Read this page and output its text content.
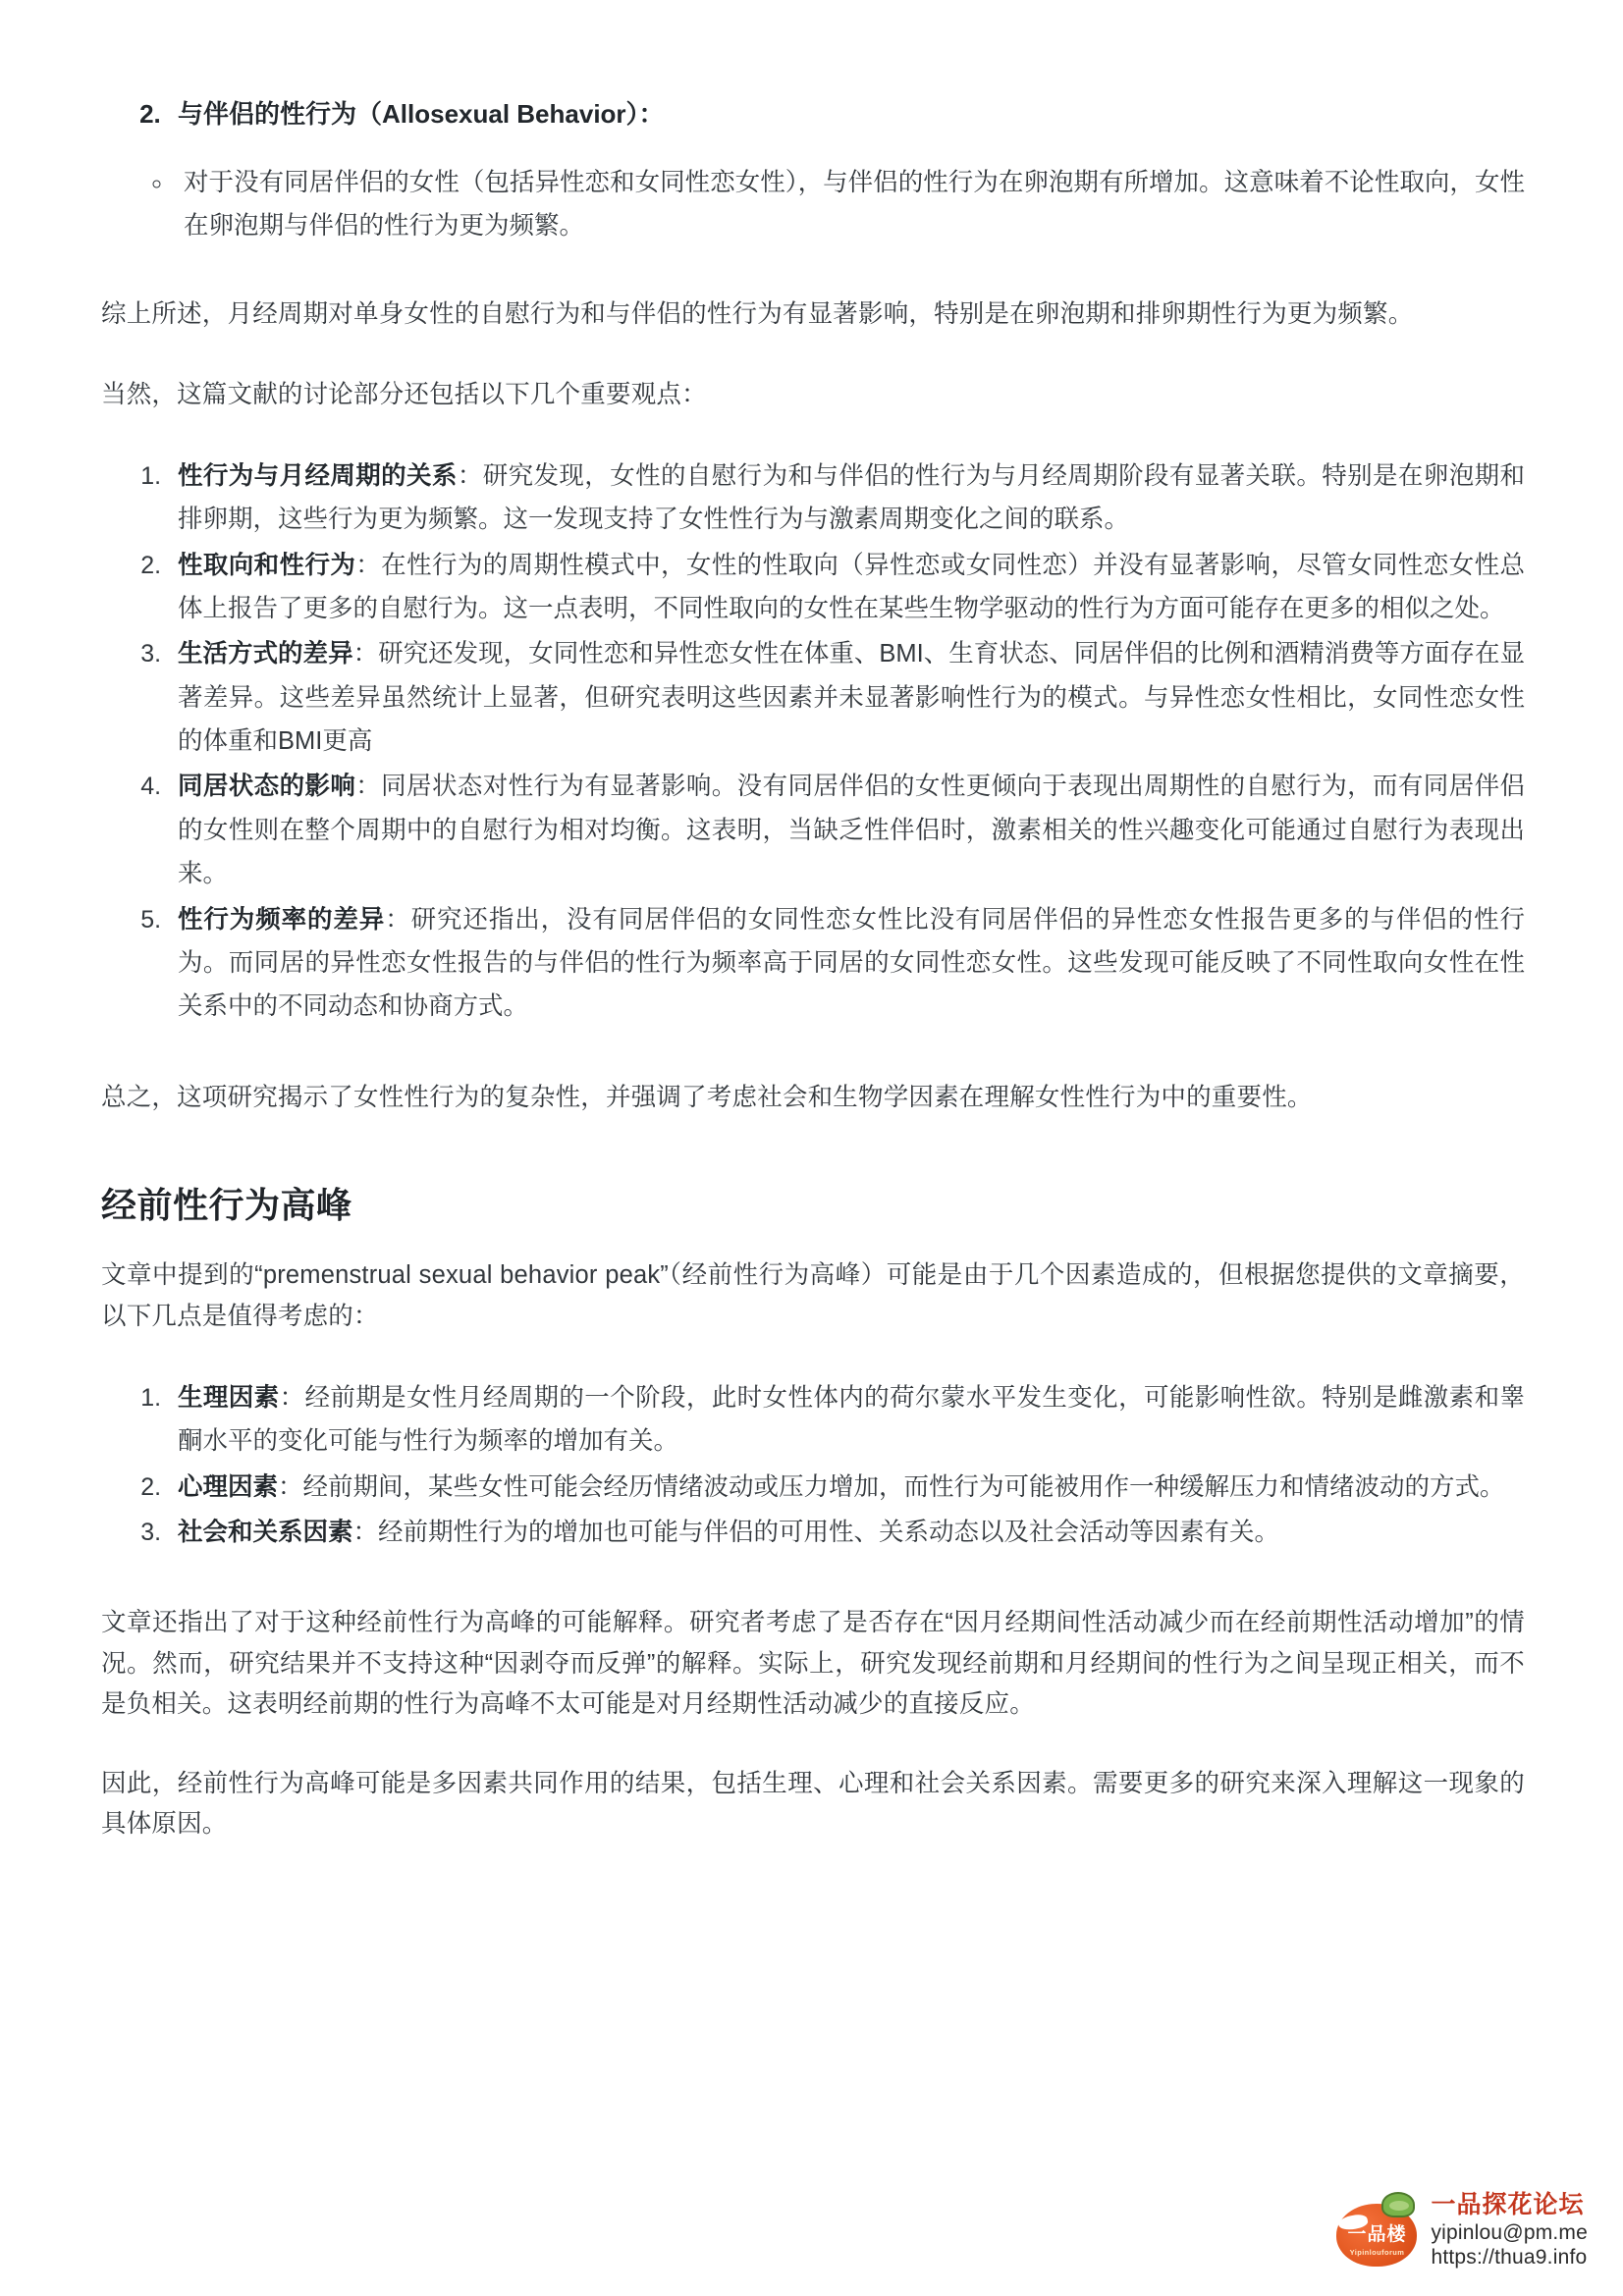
2. 与伴侣的性行为（Allosexual Behavior）：
◦ 对于没有同居伴侣的女性（包括异性恋和女同性恋女性），与伴侣的性行为在卵泡期有所增加。这意味着不论性取向，女性在卵泡期与伴侣的性行为更为频繁。

综上所述，月经周期对单身女性的自慰行为和与伴侣的性行为有显著影响，特别是在卵泡期和排卵期性行为更为频繁。

当然，这篇文献的讨论部分还包括以下几个重要观点：

1. 性行为与月经周期的关系：研究发现，女性的自慰行为和与伴侣的性行为与月经周期阶段有显著关联。特别是在卵泡期和排卵期，这些行为更为频繁。这一发现支持了女性性行为与激素周期变化之间的联系。
2. 性取向和性行为：在性行为的周期性模式中，女性的性取向（异性恋或女同性恋）并没有显著影响，尽管女同性恋女性总体上报告了更多的自慰行为。这一点表明，不同性取向的女性在某些生物学驱动的性行为方面可能存在更多的相似之处。
3. 生活方式的差异：研究还发现，女同性恋和异性恋女性在体重、BMI、生育状态、同居伴侣的比例和酒精消费等方面存在显著差异。这些差异虽然统计上显著，但研究表明这些因素并未显著影响性行为的模式。与异性恋女性相比，女同性恋女性的体重和BMI更高
4. 同居状态的影响：同居状态对性行为有显著影响。没有同居伴侣的女性更倾向于表现出周期性的自慰行为，而有同居伴侣的女性则在整个周期中的自慰行为相对均衡。这表明，当缺乏性伴侣时，激素相关的性兴趣变化可能通过自慰行为表现出来。
5. 性行为频率的差异：研究还指出，没有同居伴侣的女同性恋女性比没有同居伴侣的异性恋女性报告更多的与伴侣的性行为。而同居的异性恋女性报告的与伴侣的性行为频率高于同居的女同性恋女性。这些发现可能反映了不同性取向女性在性关系中的不同动态和协商方式。

总之，这项研究揭示了女性性行为的复杂性，并强调了考虑社会和生物学因素在理解女性性行为中的重要性。

经前性行为高峰

文章中提到的“premenstrual sexual behavior peak”（经前性行为高峰）可能是由于几个因素造成的，但根据您提供的文章摘要，以下几点是值得考虑的：

1. 生理因素：经前期是女性月经周期的一个阶段，此时女性体内的荷尔蒙水平发生变化，可能影响性欲。特别是雌激素和睾酮水平的变化可能与性行为频率的增加有关。
2. 心理因素：经前期间，某些女性可能会经历情绪波动或压力增加，而性行为可能被用作一种缓解压力和情绪波动的方式。
3. 社会和关系因素：经前期性行为的增加也可能与伴侣的可用性、关系动态以及社会活动等因素有关。

文章还指出了对于这种经前性行为高峰的可能解释。研究者考虑了是否存在“因月经期间性活动减少而在经前期性活动增加”的情况。然而，研究结果并不支持这种“因剥夺而反弹”的解释。实际上，研究发现经前期和月经期间的性行为之间呈现正相关，而不是负相关。这表明经前期的性行为高峰不太可能是对月经期性活动减少的直接反应。

因此，经前性行为高峰可能是多因素共同作用的结果，包括生理、心理和社会关系因素。需要更多的研究来深入理解这一现象的具体原因。

一品楼
Yipinlouforum
一品探花论坛
yipinlou@pm.me
https://thua9.info
